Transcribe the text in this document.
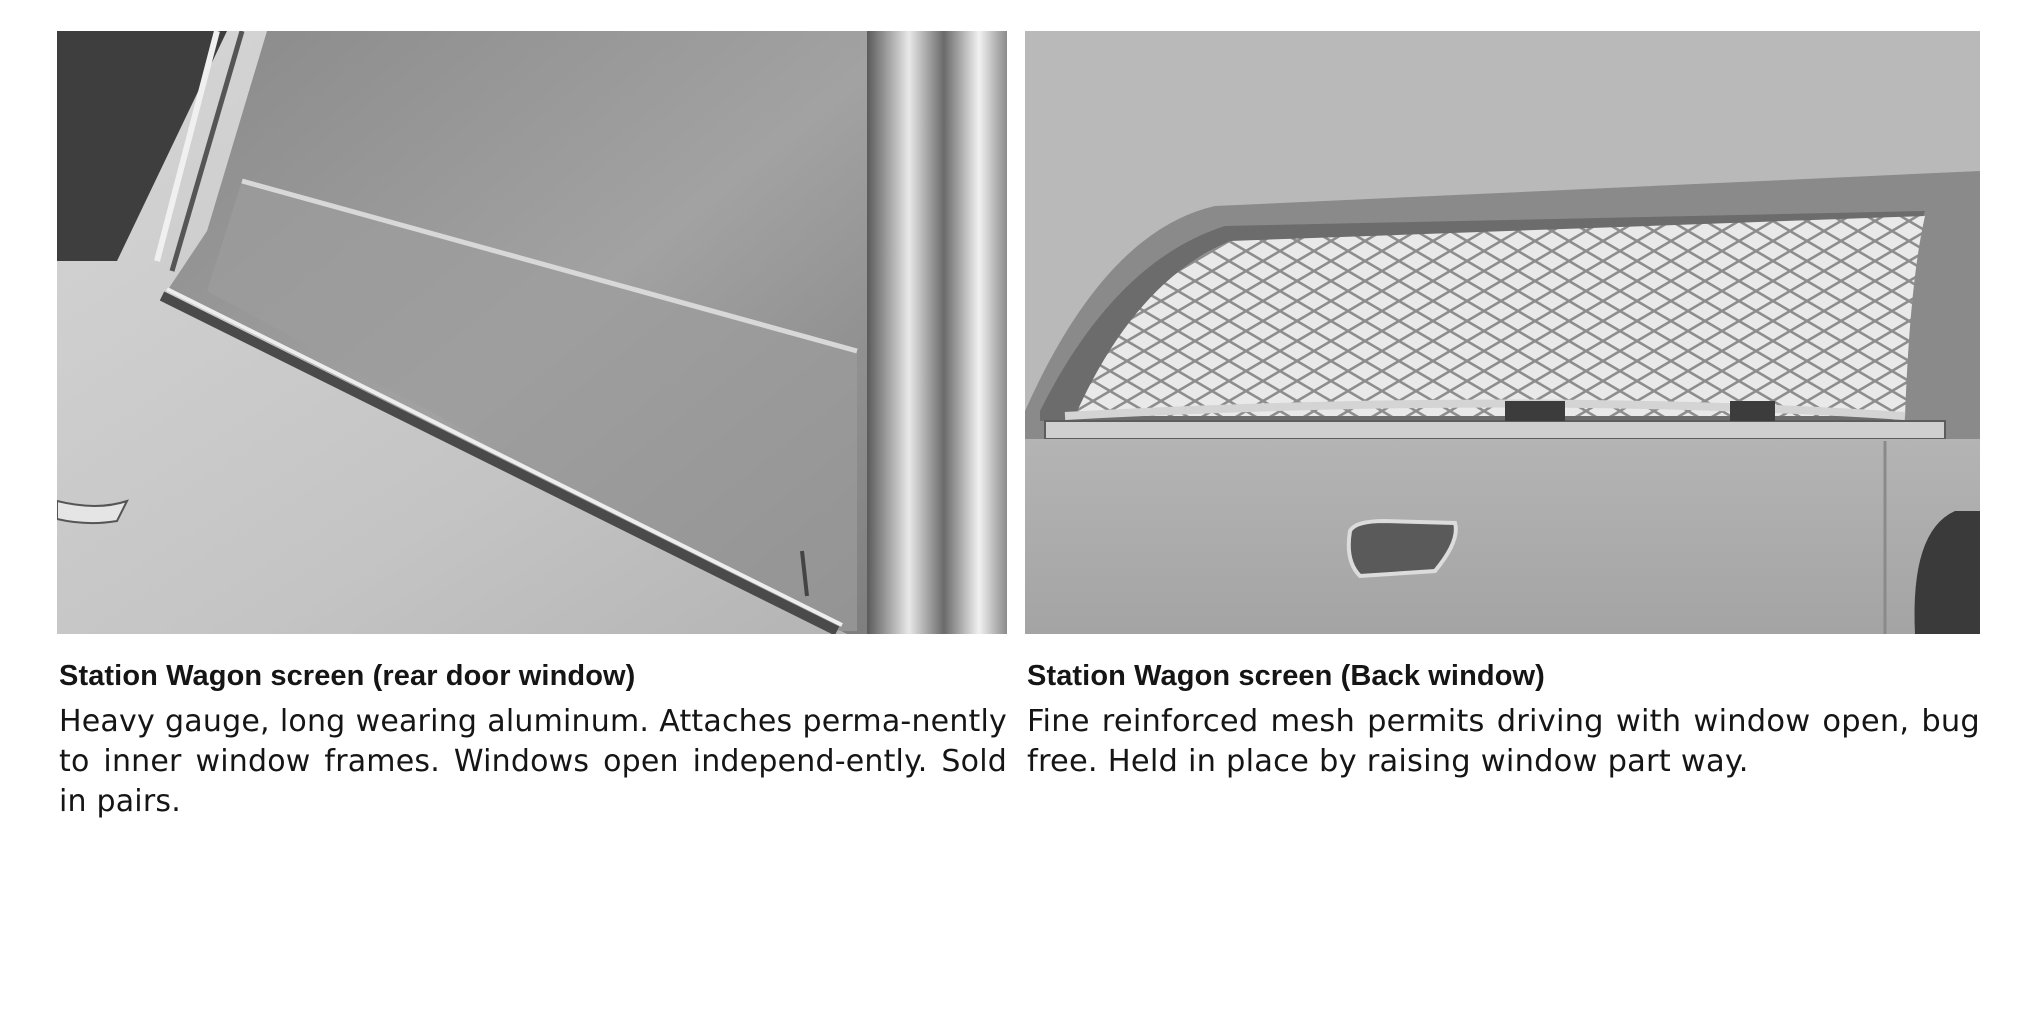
Station Wagon screen (rear door window)
Heavy gauge, long wearing aluminum. Attaches perma-nently to inner window frames. Windows open independ-ently. Sold in pairs.
Station Wagon screen (Back window)
Fine reinforced mesh permits driving with window open, bug free. Held in place by raising window part way.
